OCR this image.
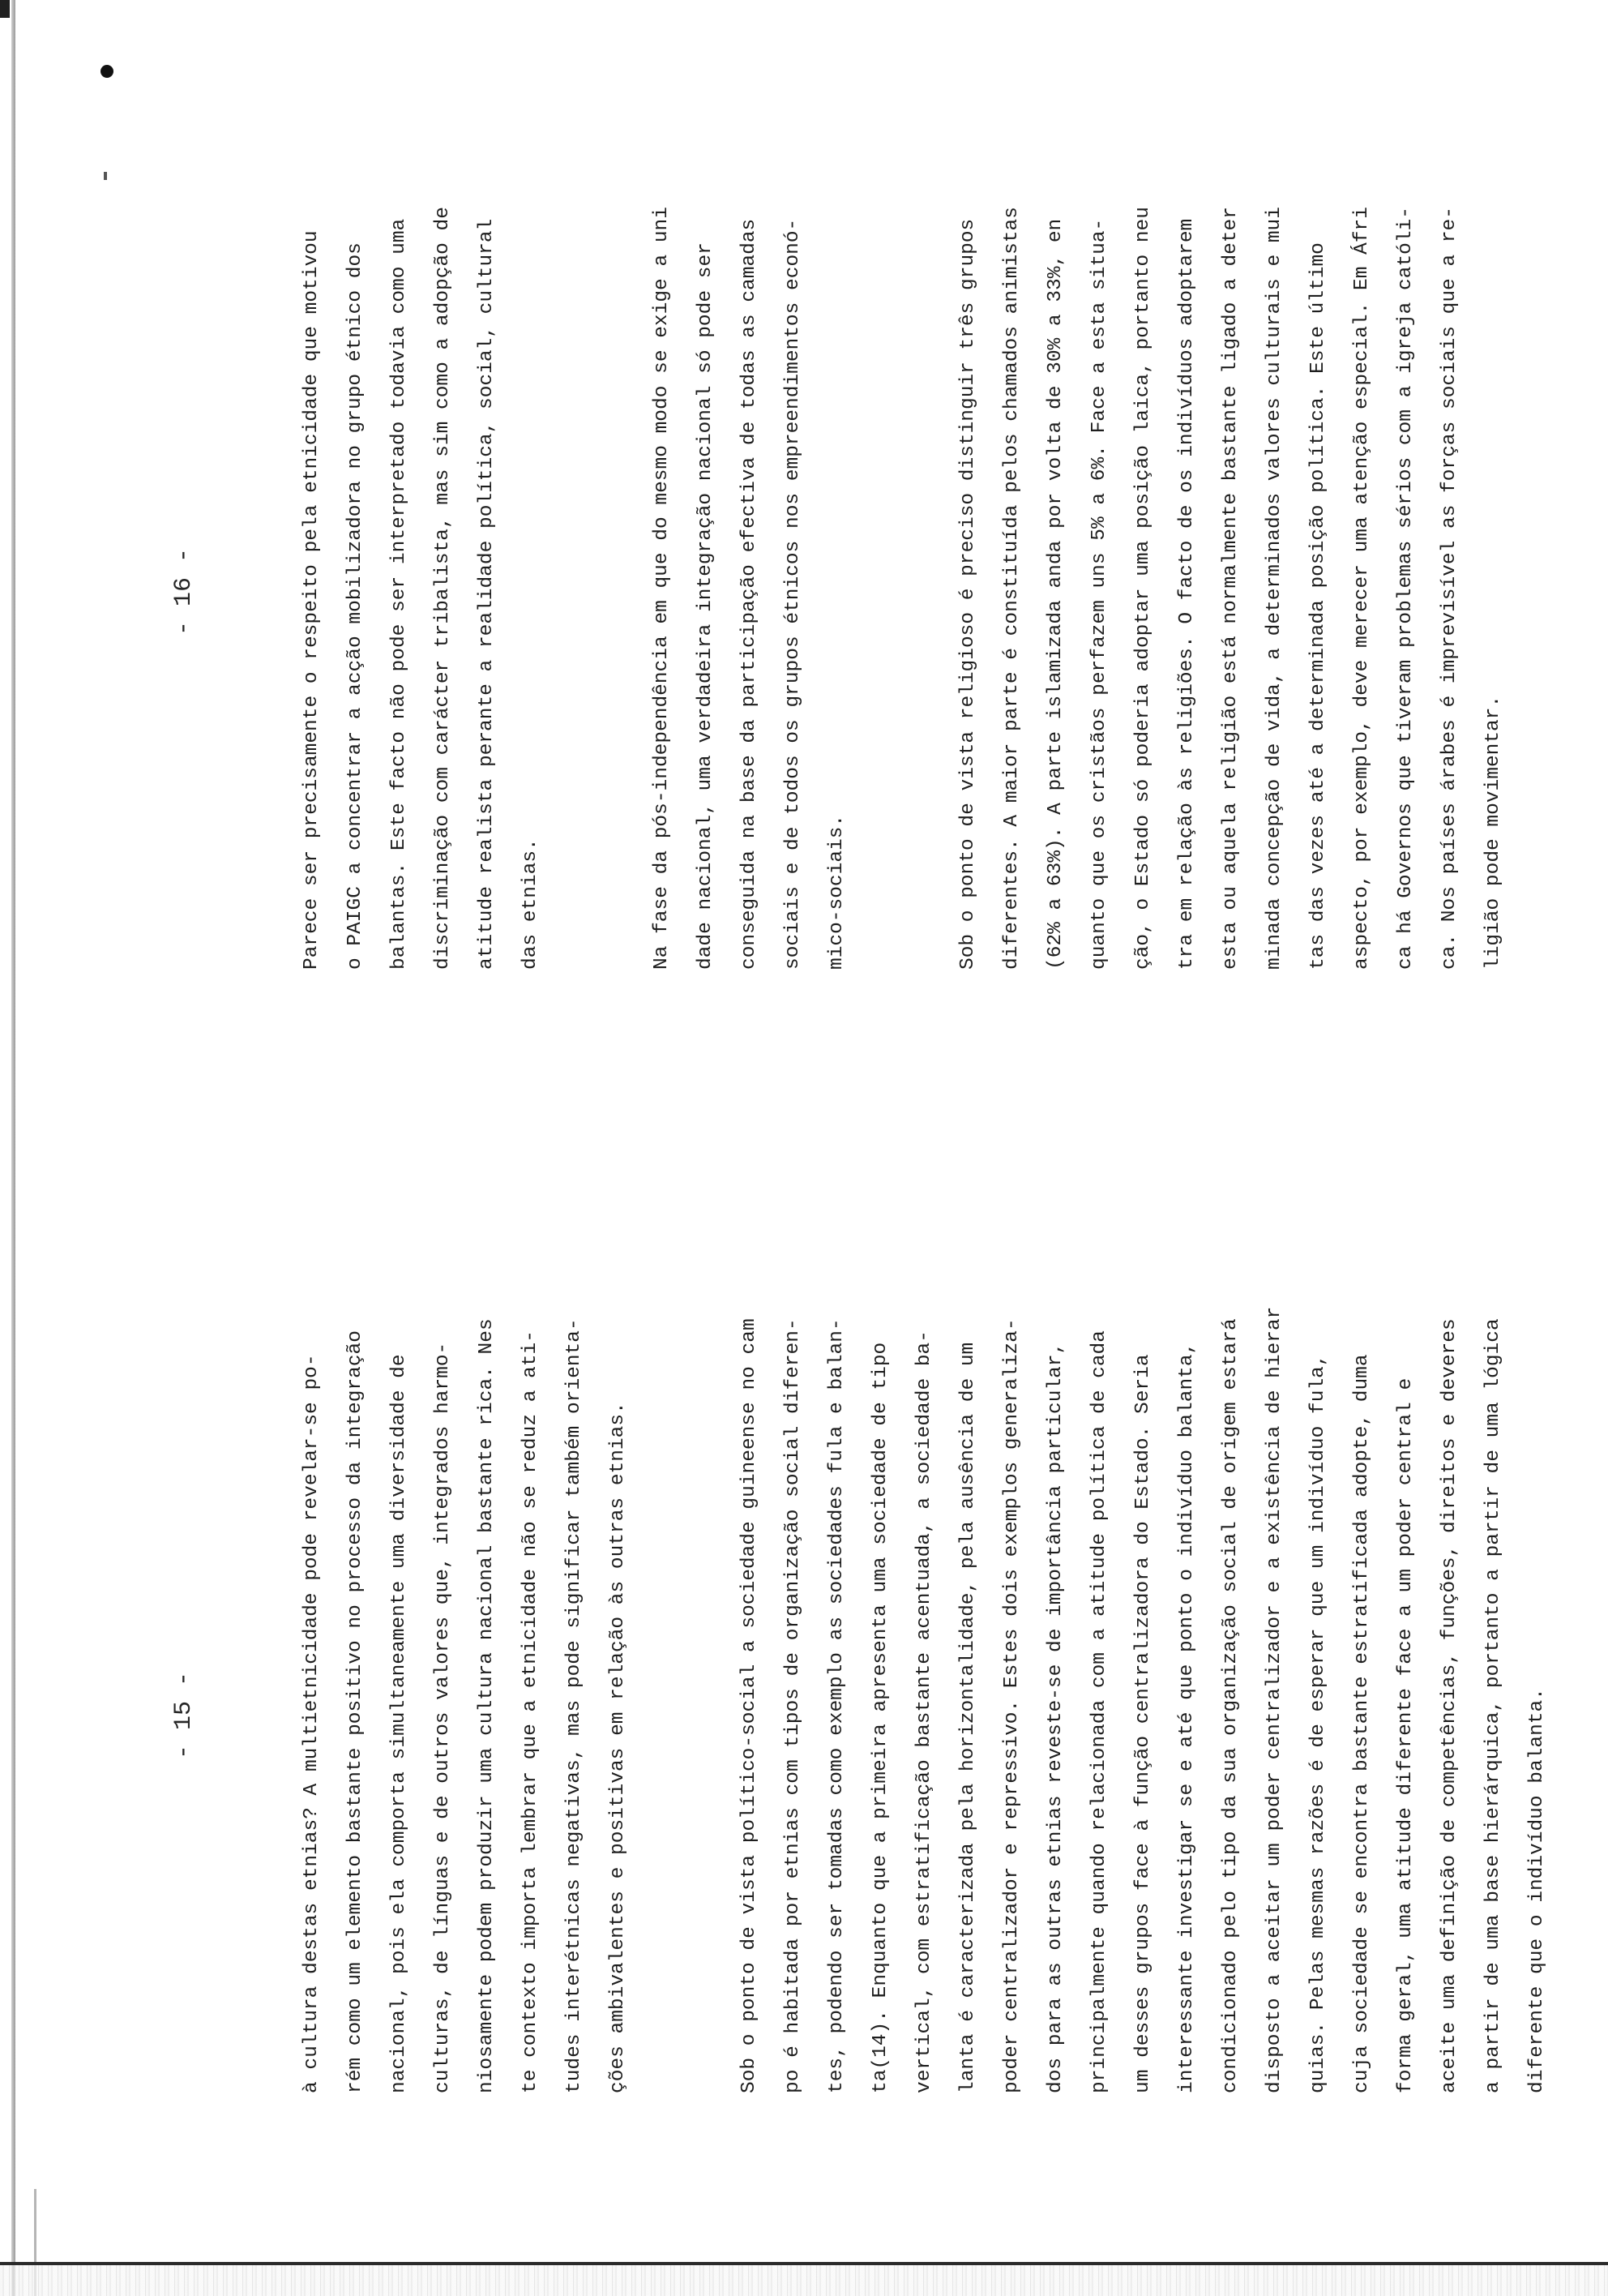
- 15 -	à cultura destas etnias? A multietnicidade pode revelar-se po-	rém como um elemento bastante positivo no processo da integração	nacional, pois ela comporta simultaneamente uma diversidade de	culturas, de línguas e de outros valores que, integrados harmo-	niosamente podem produzir uma cultura nacional bastante rica. Nes	te contexto importa lembrar que a etnicidade não se reduz a ati-	tudes interétnicas negativas, mas pode significar também orienta-	ções ambivalentes e positivas em relação às outras etnias.	Sob o ponto de vista político-social a sociedade guineense no cam	po é habitada por etnias com tipos de organização social diferen-	tes, podendo ser tomadas como exemplo as sociedades fula e balan-	ta(14). Enquanto que a primeira apresenta uma sociedade de tipo	vertical, com estratificação bastante acentuada, a sociedade ba-	lanta é caracterizada pela horizontalidade, pela ausência de um	poder centralizador e repressivo. Estes dois exemplos generaliza-	dos para as outras etnias reveste-se de importância particular,	principalmente quando relacionada com a atitude política de cada	um desses grupos face à função centralizadora do Estado. Seria	interessante investigar se e até que ponto o indivíduo balanta,	condicionado pelo tipo da sua organização social de origem estará	disposto a aceitar um poder centralizador e a existência de hierar	quias. Pelas mesmas razões é de esperar que um indivíduo fula,	cuja sociedade se encontra bastante estratificada adopte, duma	forma geral, uma atitude diferente face a um poder central e	aceite uma definição de competências, funções, direitos e deveres	a partir de uma base hierárquica, portanto a partir de uma lógica	diferente que o indivíduo balanta.
- 16 -	Parece ser precisamente o respeito pela etnicidade que motivou	o PAIGC a concentrar a acção mobilizadora no grupo étnico dos	balantas. Este facto não pode ser interpretado todavia como uma	discriminação com carácter tribalista, mas sim como a adopção de	atitude realista perante a realidade política, social, cultural	das etnias.	Na fase da pós-independência em que do mesmo modo se exige a uni	dade nacional, uma verdadeira integração nacional só pode ser	conseguida na base da participação efectiva de todas as camadas	sociais e de todos os grupos étnicos nos empreendimentos econó-	mico-sociais.	Sob o ponto de vista religioso é preciso distinguir três grupos	diferentes. A maior parte é constituída pelos chamados animistas	(62% a 63%). A parte islamizada anda por volta de 30% a 33%, en	quanto que os cristãos perfazem uns 5% a 6%. Face a esta situa-	ção, o Estado só poderia adoptar uma posição laica, portanto neu	tra em relação às religiões. O facto de os indivíduos adoptarem	esta ou aquela religião está normalmente bastante ligado a deter	minada concepção de vida, a determinados valores culturais e mui	tas das vezes até a determinada posição política. Este último	aspecto, por exemplo, deve merecer uma atenção especial. Em Áfri	ca há Governos que tiveram problemas sérios com a igreja católi-	ca. Nos países árabes é imprevisível as forças sociais que a re-	ligião pode movimentar.
